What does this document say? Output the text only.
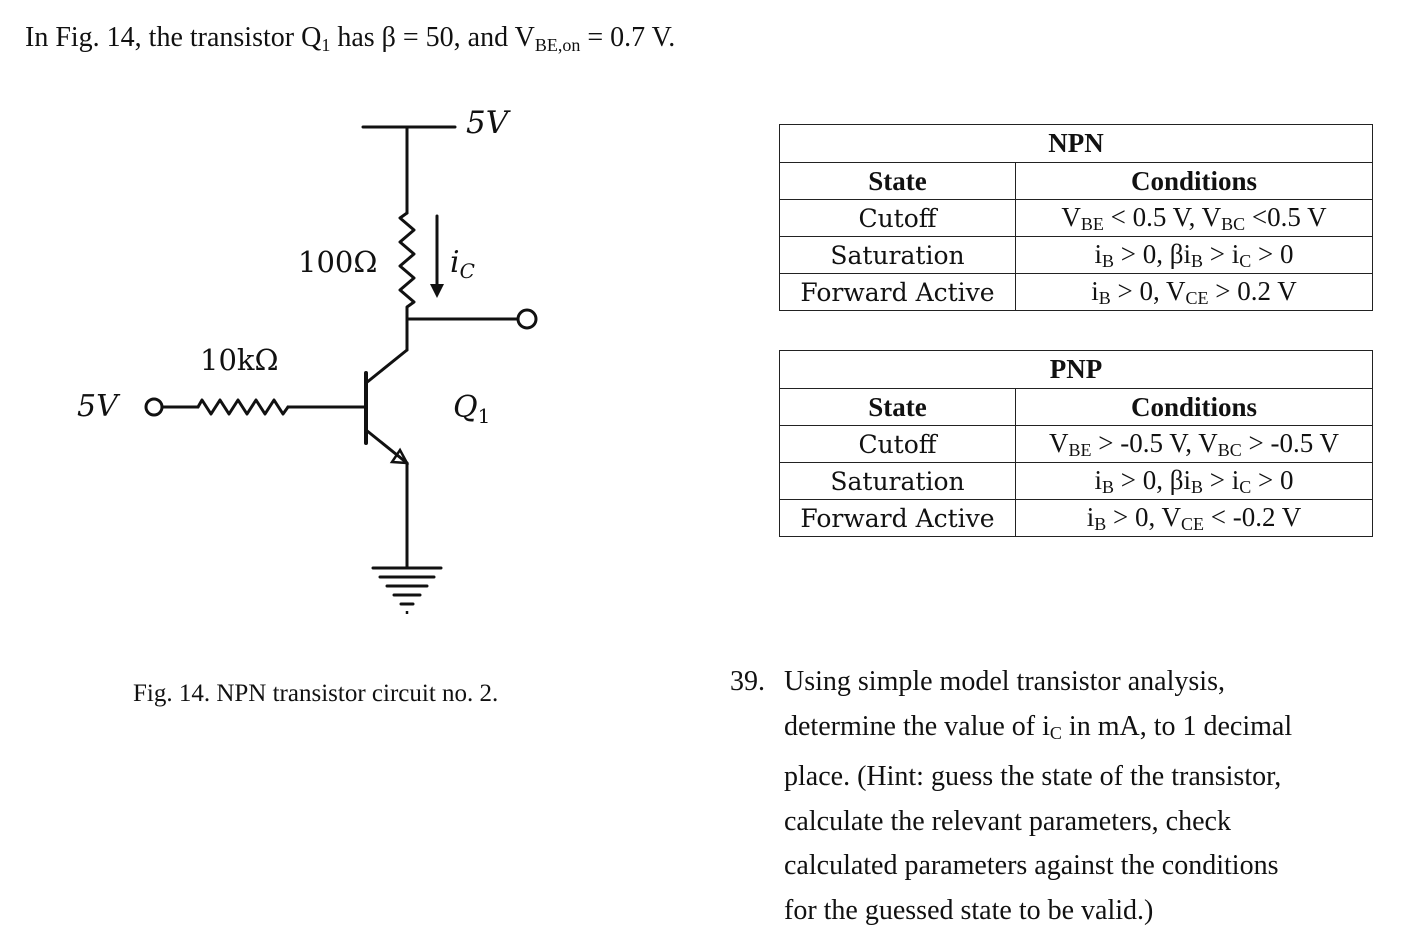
In Fig. 14, the transistor $Q_1$ has β = 50, and $V_{BE,on} = 0.7$ V.
5V
100Ω $i_C$
10kΩ
5V	$Q_1$
Fig. 14. NPN transistor circuit no. 2.
NPN	
State	Conditions
Cutoff	$V_{BE} < 0.5$ V, $V_{BC} <0.5$ V
Saturation	$i_B > 0$, $\beta i_B > i_C > 0$
Forward Active	$i_B > 0$, $V_{CE} > 0.2$ V
PNP	
State	Conditions
Cutoff	$V_{BE} > -0.5$ V, $V_{BC} > -0.5$ V
Saturation	$i_B > 0$, $\beta i_B > i_C > 0$
Forward Active	$i_B > 0$, $V_{CE} < -0.2$ V
39. Using simple model transistor analysis,
determine the value of $i_C$ in mA, to 1 decimal
place. (Hint: guess the state of the transistor,
calculate the relevant parameters, check
calculated parameters against the conditions
for the guessed state to be valid.)
